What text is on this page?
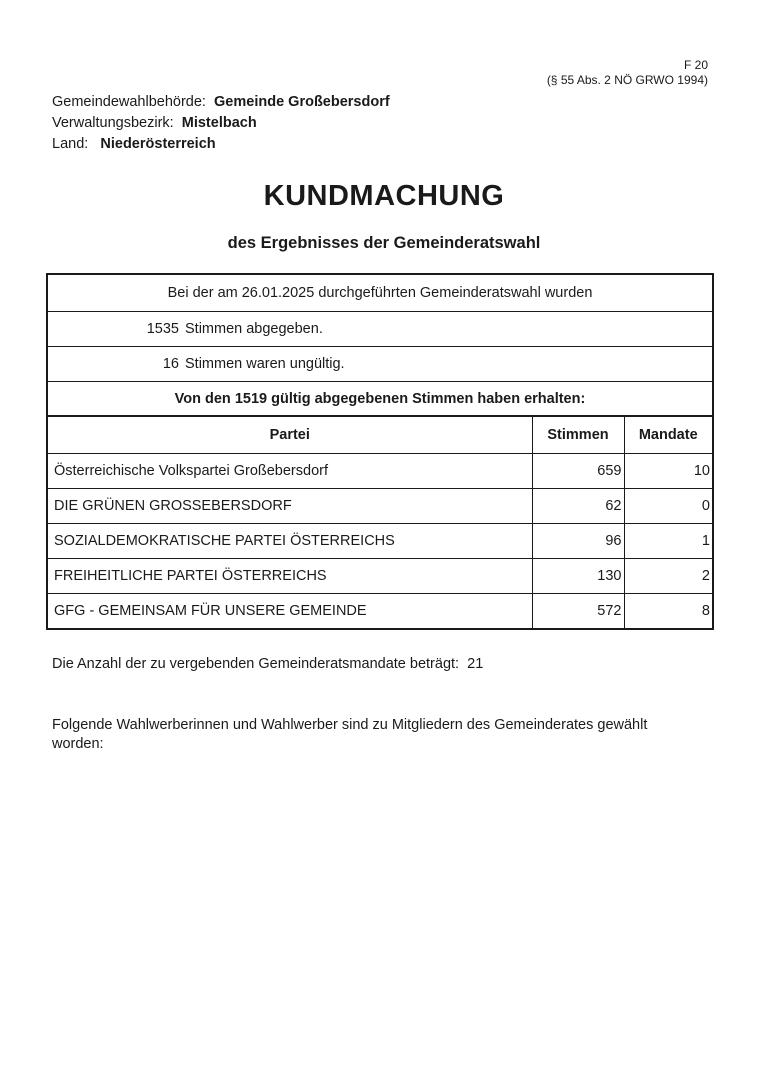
F 20
(§ 55 Abs. 2 NÖ GRWO 1994)
Gemeindewahlbehörde: Gemeinde Großebersdorf
Verwaltungsbezirk: Mistelbach
Land: Niederösterreich
KUNDMACHUNG
des Ergebnisses der Gemeinderatswahl
Bei der am 26.01.2025 durchgeführten Gemeinderatswahl wurden
1535 Stimmen abgegeben.
16 Stimmen waren ungültig.
Von den 1519 gültig abgegebenen Stimmen haben erhalten:
Partei	Stimmen	Mandate
Österreichische Volkspartei Großebersdorf	659	10
DIE GRÜNEN GROSSEBERSDORF	62	0
SOZIALDEMOKRATISCHE PARTEI ÖSTERREICHS	96	1
FREIHEITLICHE PARTEI ÖSTERREICHS	130	2
GFG - GEMEINSAM FÜR UNSERE GEMEINDE	572	8
Die Anzahl der zu vergebenden Gemeinderatsmandate beträgt: 21
Folgende Wahlwerberinnen und Wahlwerber sind zu Mitgliedern des Gemeinderates gewählt worden:
